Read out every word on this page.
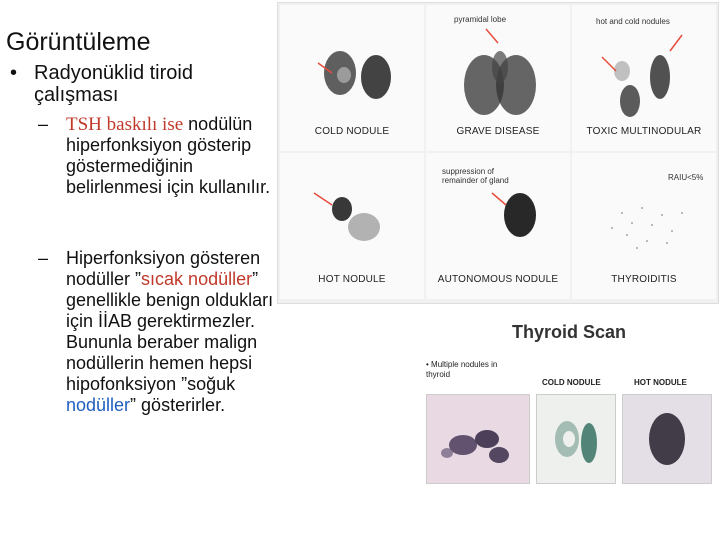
Görüntüleme
• Radyonüklid tiroid çalışması
– TSH baskılı ise nodülün hiperfonksiyon gösterip göstermediğinin belirlenmesi için kullanılır.
– Hiperfonksiyon gösteren nodüller ”sıcak nodüller” genellikle benign oldukları için İİAB gerektirmezler. Bununla beraber malign nodüllerin hemen hepsi hipofonksiyon ”soğuk nodüller” gösterirler.
COLD NODULE
pyramidal lobe
GRAVE DISEASE
hot and cold nodules
TOXIC MULTINODULAR
HOT NODULE
suppression of remainder of gland
AUTONOMOUS NODULE
RAIU<5%
THYROIDITIS
Thyroid Scan
• Multiple nodules in thyroid
COLD NODULE	HOT NODULE
